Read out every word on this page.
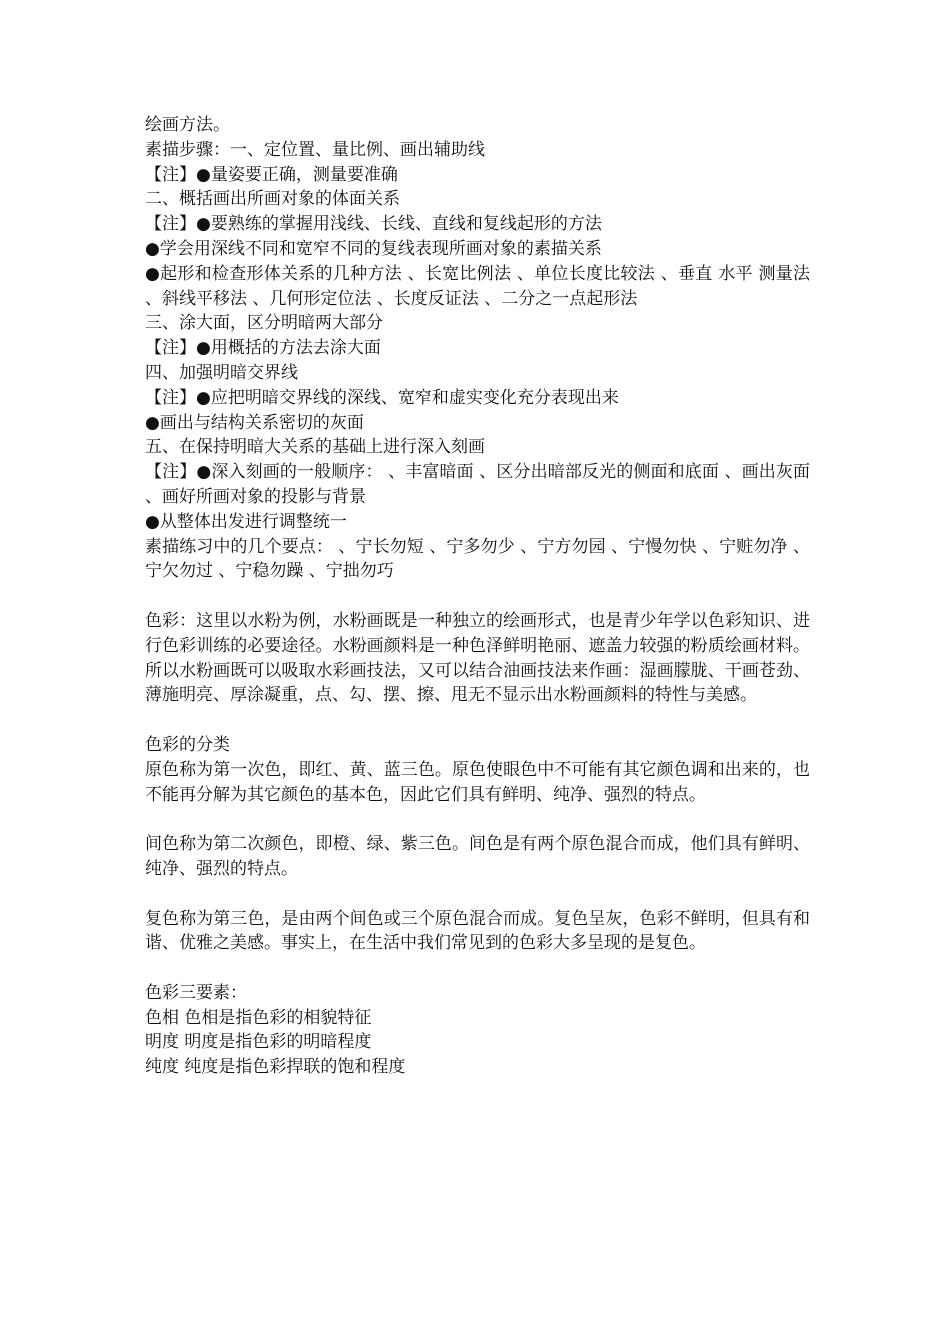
绘画方法。
素描步骤：一、定位置、量比例、画出辅助线
【注】●量姿要正确，测量要准确
二、概括画出所画对象的体面关系
【注】●要熟练的掌握用浅线、长线、直线和复线起形的方法
●学会用深线不同和宽窄不同的复线表现所画对象的素描关系
●起形和检查形体关系的几种方法 、长宽比例法 、单位长度比较法 、垂直 水平 测量法 、斜线平移法 、几何形定位法 、长度反证法 、二分之一点起形法
三、涂大面，区分明暗两大部分
【注】●用概括的方法去涂大面
四、加强明暗交界线
【注】●应把明暗交界线的深线、宽窄和虚实变化充分表现出来
●画出与结构关系密切的灰面
五、在保持明暗大关系的基础上进行深入刻画
【注】●深入刻画的一般顺序： 、丰富暗面 、区分出暗部反光的侧面和底面 、画出灰面 、画好所画对象的投影与背景
●从整体出发进行调整统一
素描练习中的几个要点： 、宁长勿短 、宁多勿少 、宁方勿园 、宁慢勿快 、宁赃勿净 、宁欠勿过 、宁稳勿躁 、宁拙勿巧
色彩：这里以水粉为例，水粉画既是一种独立的绘画形式，也是青少年学以色彩知识、进行色彩训练的必要途径。水粉画颜料是一种色泽鲜明艳丽、遮盖力较强的粉质绘画材料。所以水粉画既可以吸取水彩画技法，又可以结合油画技法来作画：湿画朦胧、干画苍劲、薄施明亮、厚涂凝重，点、勾、摆、擦、甩无不显示出水粉画颜料的特性与美感。
色彩的分类
原色称为第一次色，即红、黄、蓝三色。原色使眼色中不可能有其它颜色调和出来的，也不能再分解为其它颜色的基本色，因此它们具有鲜明、纯净、强烈的特点。
间色称为第二次颜色，即橙、绿、紫三色。间色是有两个原色混合而成，他们具有鲜明、纯净、强烈的特点。
复色称为第三色，是由两个间色或三个原色混合而成。复色呈灰，色彩不鲜明，但具有和谐、优雅之美感。事实上，在生活中我们常见到的色彩大多呈现的是复色。
色彩三要素：
色相 色相是指色彩的相貌特征
明度 明度是指色彩的明暗程度
纯度 纯度是指色彩捍联的饱和程度
